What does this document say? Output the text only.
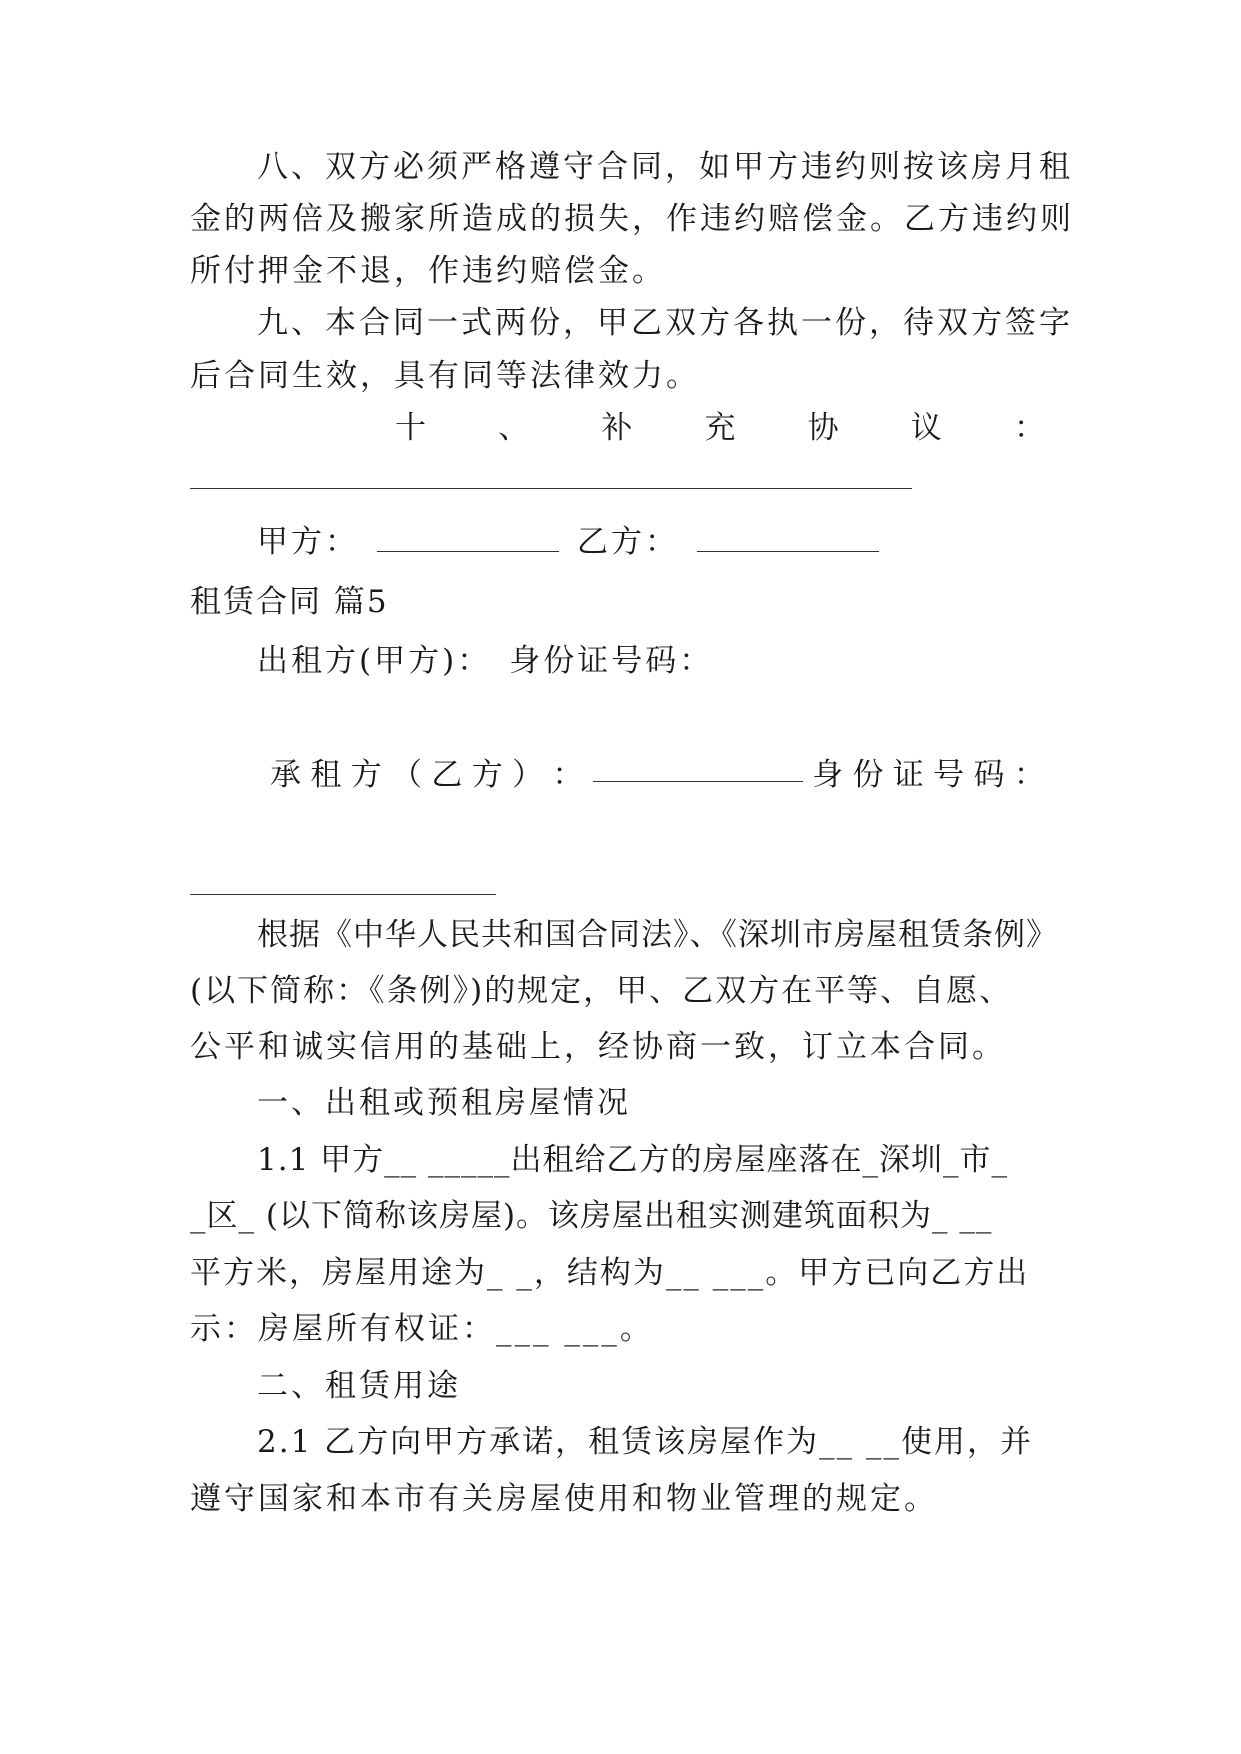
八、双方必须严格遵守合同，如甲方违约则按该房月租
金的两倍及搬家所造成的损失，作违约赔偿金。乙方违约则
所付押金不退，作违约赔偿金。
九、本合同一式两份，甲乙双方各执一份，待双方签字
后合同生效，具有同等法律效力。
十 、 补 充 协 议 ：
甲方：	乙方：
租赁合同 篇5
出租方(甲方)： 身份证号码：
承 租 方 （ 乙 方 ） ：	身 份 证 号 码 ：
根据《中华人民共和国合同法》、《深圳市房屋租赁条例》
(以下简称：《条例》)的规定，甲、乙双方在平等、自愿、
公平和诚实信用的基础上，经协商一致，订立本合同。
一、出租或预租房屋情况
1.1 甲方__ _____出租给乙方的房屋座落在_深圳_市_
_区_ (以下简称该房屋)。该房屋出租实测建筑面积为_ __
平方米，房屋用途为_ _，结构为__ ___。甲方已向乙方出
示：房屋所有权证：___ ___。
二、租赁用途
2.1 乙方向甲方承诺，租赁该房屋作为__ __使用，并
遵守国家和本市有关房屋使用和物业管理的规定。
